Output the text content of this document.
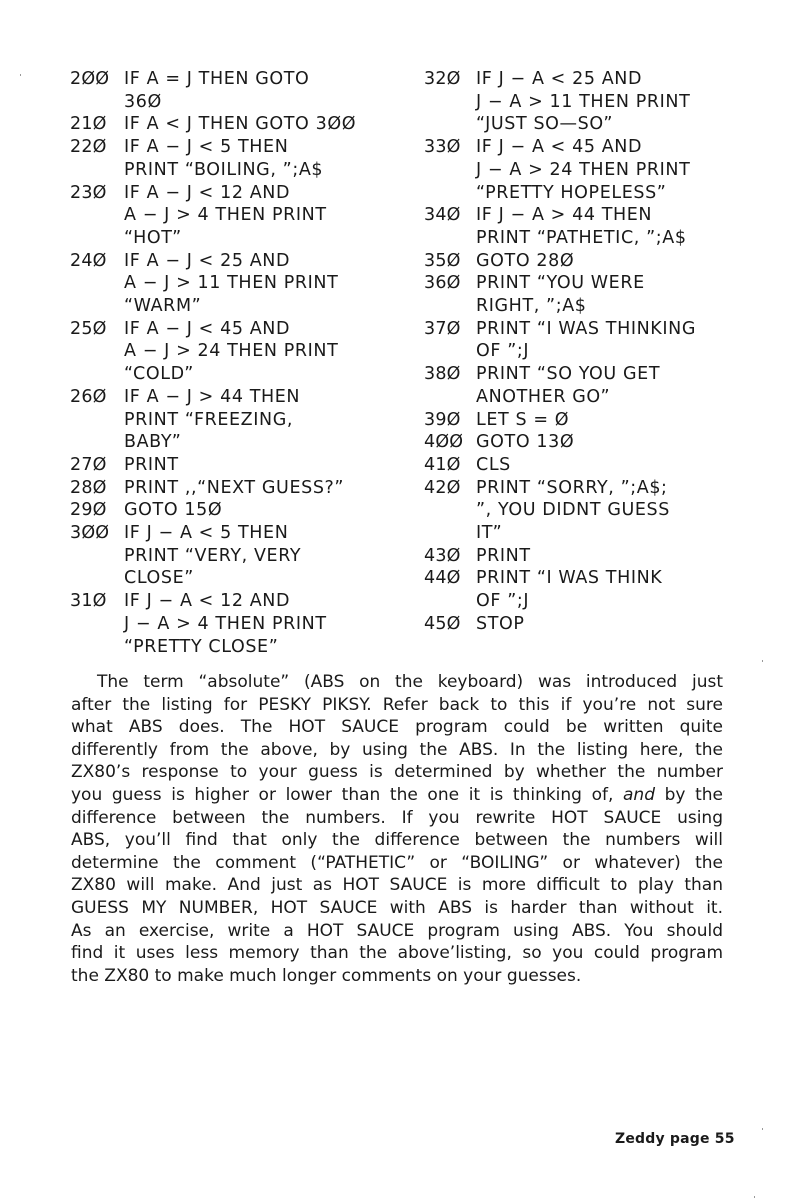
2ØØ IF A = J THEN GOTO
36Ø
21Ø IF A < J THEN GOTO 3ØØ
22Ø IF A − J < 5 THEN
PRINT “BOILING, ”;A$
23Ø IF A − J < 12 AND
A − J > 4 THEN PRINT
“HOT”
24Ø IF A − J < 25 AND
A − J > 11 THEN PRINT
“WARM”
25Ø IF A − J < 45 AND
A − J > 24 THEN PRINT
“COLD”
26Ø IF A − J > 44 THEN
PRINT “FREEZING,
BABY”
27Ø PRINT
28Ø PRINT ,,“NEXT GUESS?”
29Ø GOTO 15Ø
3ØØ IF J − A < 5 THEN
PRINT “VERY, VERY
CLOSE”
31Ø IF J − A < 12 AND
J − A > 4 THEN PRINT
“PRETTY CLOSE”
32Ø IF J − A < 25 AND
J − A > 11 THEN PRINT
“JUST SO—SO”
33Ø IF J − A < 45 AND
J − A > 24 THEN PRINT
“PRETTY HOPELESS”
34Ø IF J − A > 44 THEN
PRINT “PATHETIC, ”;A$
35Ø GOTO 28Ø
36Ø PRINT “YOU WERE
RIGHT, ”;A$
37Ø PRINT “I WAS THINKING
OF ”;J
38Ø PRINT “SO YOU GET
ANOTHER GO”
39Ø LET S = Ø
4ØØ GOTO 13Ø
41Ø CLS
42Ø PRINT “SORRY, ”;A$;
”, YOU DIDNT GUESS
IT”
43Ø PRINT
44Ø PRINT “I WAS THINK
OF ”;J
45Ø STOP
The term “absolute” (ABS on the keyboard) was introduced just
after the listing for PESKY PIKSY. Refer back to this if you’re not sure
what ABS does. The HOT SAUCE program could be written quite
differently from the above, by using the ABS. In the listing here, the
ZX80’s response to your guess is determined by whether the number
you guess is higher or lower than the one it is thinking of, and by the
difference between the numbers. If you rewrite HOT SAUCE using
ABS, you’ll find that only the difference between the numbers will
determine the comment (“PATHETIC” or “BOILING” or whatever) the
ZX80 will make. And just as HOT SAUCE is more difficult to play than
GUESS MY NUMBER, HOT SAUCE with ABS is harder than without it.
As an exercise, write a HOT SAUCE program using ABS. You should
find it uses less memory than the above’listing, so you could program
the ZX80 to make much longer comments on your guesses.
Zeddy page 55
